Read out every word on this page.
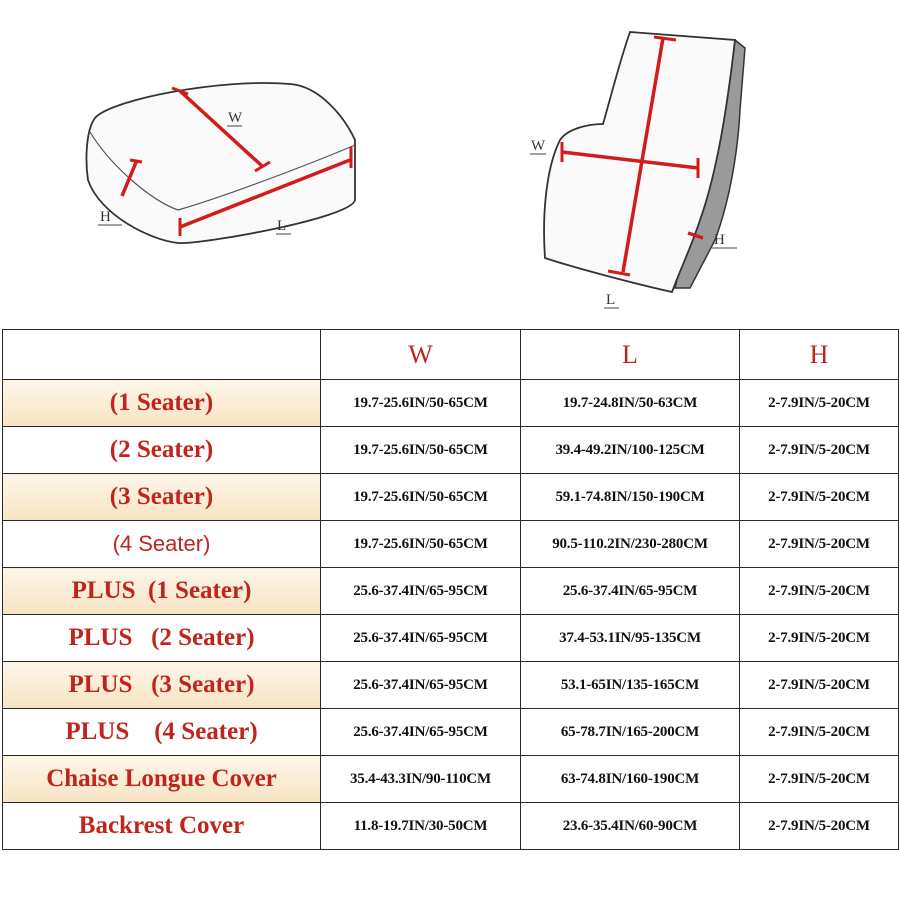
W
H
L
W
H
L
	W	L	H
(1 Seater)	19.7-25.6IN/50-65CM	19.7-24.8IN/50-63CM	2-7.9IN/5-20CM
(2 Seater)	19.7-25.6IN/50-65CM	39.4-49.2IN/100-125CM	2-7.9IN/5-20CM
(3 Seater)	19.7-25.6IN/50-65CM	59.1-74.8IN/150-190CM	2-7.9IN/5-20CM
(4 Seater)	19.7-25.6IN/50-65CM	90.5-110.2IN/230-280CM	2-7.9IN/5-20CM
PLUS  (1 Seater)	25.6-37.4IN/65-95CM	25.6-37.4IN/65-95CM	2-7.9IN/5-20CM
PLUS   (2 Seater)	25.6-37.4IN/65-95CM	37.4-53.1IN/95-135CM	2-7.9IN/5-20CM
PLUS   (3 Seater)	25.6-37.4IN/65-95CM	53.1-65IN/135-165CM	2-7.9IN/5-20CM
PLUS    (4 Seater)	25.6-37.4IN/65-95CM	65-78.7IN/165-200CM	2-7.9IN/5-20CM
Chaise Longue Cover	35.4-43.3IN/90-110CM	63-74.8IN/160-190CM	2-7.9IN/5-20CM
Backrest Cover	11.8-19.7IN/30-50CM	23.6-35.4IN/60-90CM	2-7.9IN/5-20CM
